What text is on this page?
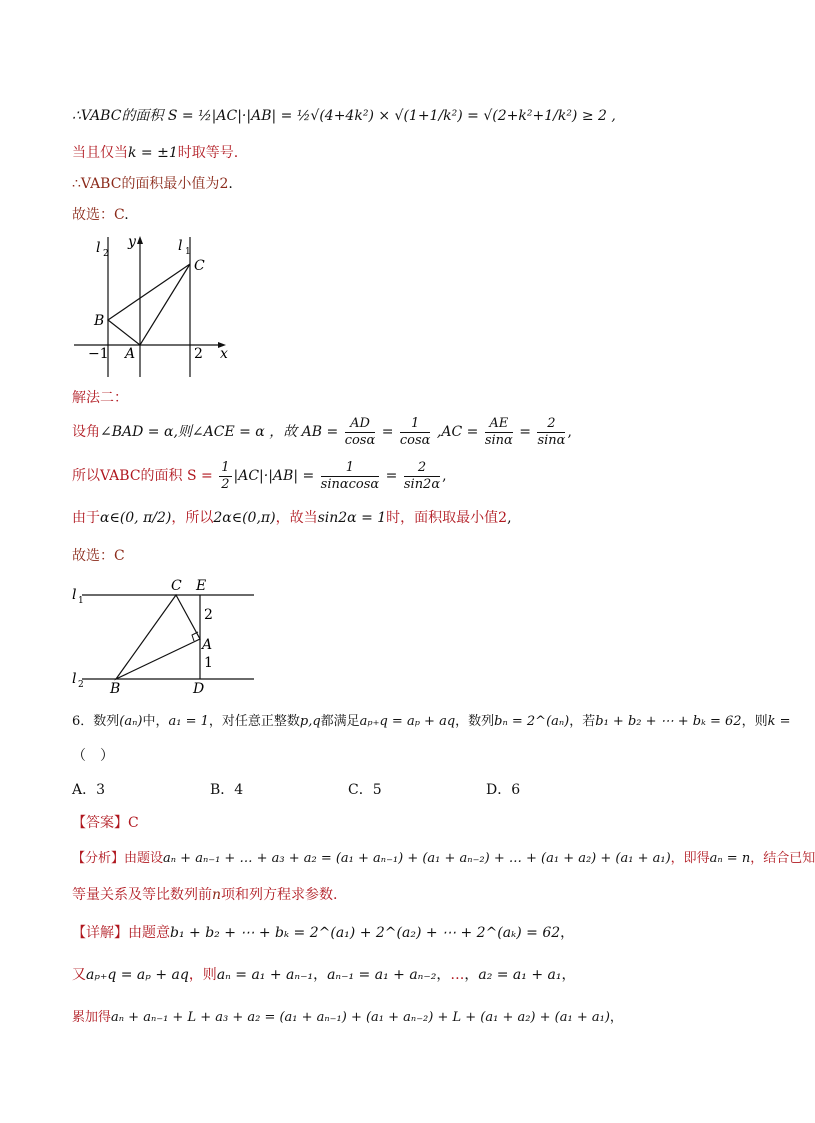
∴VABC的面积 S = ½|AC|·|AB| = ½√(4+4k²) × √(1+1/k²) = √(2+k²+1/k²) ≥ 2 ,
当且仅当k = ±1时取等号.
∴VABC的面积最小值为2.
故选：C.
l 2
y	l 1
C
B
A
−1	2 x
解法二：
设角∠BAD = α,则∠ACE = α ，故 AB = $\frac{AD}{\cos\alpha} = \frac{1}{\cos\alpha} ,AC = \frac{AE}{\sin\alpha} = \frac{2}{\sin\alpha}$ ,
所以VABC的面积 $S = \frac{1}{2} |AC|\cdot|AB| = \frac{1}{\sin\alpha\cos\alpha} = \frac{2}{\sin 2\alpha}$ ,
由于α∈(0, π/2)，所以2α∈(0,π)，故当sin2α = 1时，面积取最小值2,
故选：C
l 1
l 2
C E
A
B	D
2
1
6．数列(aₙ)中，a₁ = 1，对任意正整数p,q都满足aₚ₊q = aₚ + aq，数列bₙ = 2^(aₙ)，若b₁ + b₂ + ⋯ + bₖ = 62，则k =
（　）
A．3	B．4	C．5	D．6
【答案】C
【分析】由题设aₙ + aₙ₋₁ + … + a₃ + a₂ = (a₁ + aₙ₋₁) + (a₁ + aₙ₋₂) + … + (a₁ + a₂) + (a₁ + a₁)，即得aₙ = n，结合已知
等量关系及等比数列前n项和列方程求参数.
【详解】由题意b₁ + b₂ + ⋯ + bₖ = 2^(a₁) + 2^(a₂) + ⋯ + 2^(aₖ) = 62，
又aₚ₊q = aₚ + aq，则aₙ = a₁ + aₙ₋₁，aₙ₋₁ = a₁ + aₙ₋₂，…，a₂ = a₁ + a₁，
累加得aₙ + aₙ₋₁ + L + a₃ + a₂ = (a₁ + aₙ₋₁) + (a₁ + aₙ₋₂) + L + (a₁ + a₂) + (a₁ + a₁)，
